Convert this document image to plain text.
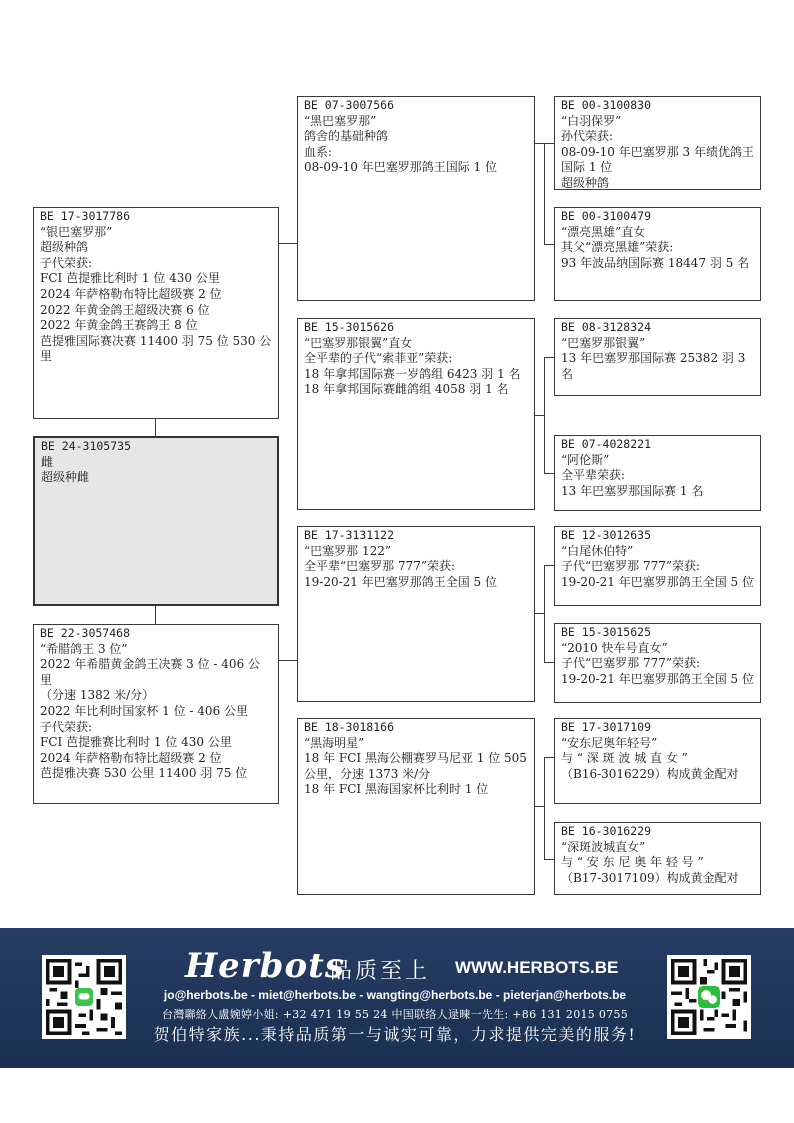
BE 17-3017786
“银巴塞罗那”
超级种鸽
子代荣获:
FCI 芭提雅比利时 1 位 430 公里
2024 年萨格勒布特比超级赛 2 位
2022 年黄金鸽王超级决赛 6 位
2022 年黄金鸽王赛鸽王 8 位
芭提雅国际赛决赛 11400 羽 75 位 530 公里
BE 24-3105735
雌
超级种雌
BE 22-3057468
“希腊鸽王 3 位”
2022 年希腊黄金鸽王决赛 3 位 - 406 公里
（分速 1382 米/分）
2022 年比利时国家杯 1 位 - 406 公里
子代荣获:
FCI 芭提雅赛比利时 1 位 430 公里
2024 年萨格勒布特比超级赛 2 位
芭提雅决赛 530 公里 11400 羽 75 位
BE 07-3007566
“黑巴塞罗那”
鸽舍的基础种鸽
血系:
08-09-10 年巴塞罗那鸽王国际 1 位
BE 15-3015626
“巴塞罗那银翼”直女
全平辈的子代“索菲亚”荣获:
18 年拿邦国际赛一岁鸽组 6423 羽 1 名
18 年拿邦国际赛雌鸽组 4058 羽 1 名
BE 17-3131122
“巴塞罗那 122”
全平辈“巴塞罗那 777”荣获:
19-20-21 年巴塞罗那鸽王全国 5 位
BE 18-3018166
“黑海明星”
18 年 FCI 黑海公棚赛罗马尼亚 1 位 505 公里，分速 1373 米/分
18 年 FCI 黑海国家杯比利时 1 位
BE 00-3100830
“白羽保罗”
孙代荣获:
08-09-10 年巴塞罗那 3 年绩优鸽王国际 1 位
超级种鸽
BE 00-3100479
“漂亮黑雄”直女
其父“漂亮黑雄”荣获:
93 年波品纳国际赛 18447 羽 5 名
BE 08-3128324
“巴塞罗那银翼”
13 年巴塞罗那国际赛 25382 羽 3 名
BE 07-4028221
“阿伦斯”
全平辈荣获:
13 年巴塞罗那国际赛 1 名
BE 12-3012635
“白尾休伯特”
子代“巴塞罗那 777”荣获:
19-20-21 年巴塞罗那鸽王全国 5 位
BE 15-3015625
“2010 快车号直女”
子代“巴塞罗那 777”荣获:
19-20-21 年巴塞罗那鸽王全国 5 位
BE 17-3017109
“安东尼奥年轻号”
与 “ 深 斑 波 城 直 女 ”
（B16-3016229）构成黄金配对
BE 16-3016229
“深斑波城直女”
与 “ 安 东 尼 奥 年 轻 号 ”
（B17-3017109）构成黄金配对
Herbots
品质至上 WWW.HERBOTS.BE
jo@herbots.be - miet@herbots.be - wangting@herbots.be - pieterjan@herbots.be
台灣聯絡人盧婉婷小姐: +32 471 19 55 24 中国联络人逯暕一先生: +86 131 2015 0755
贺伯特家族...秉持品质第一与诚实可靠，力求提供完美的服务!
